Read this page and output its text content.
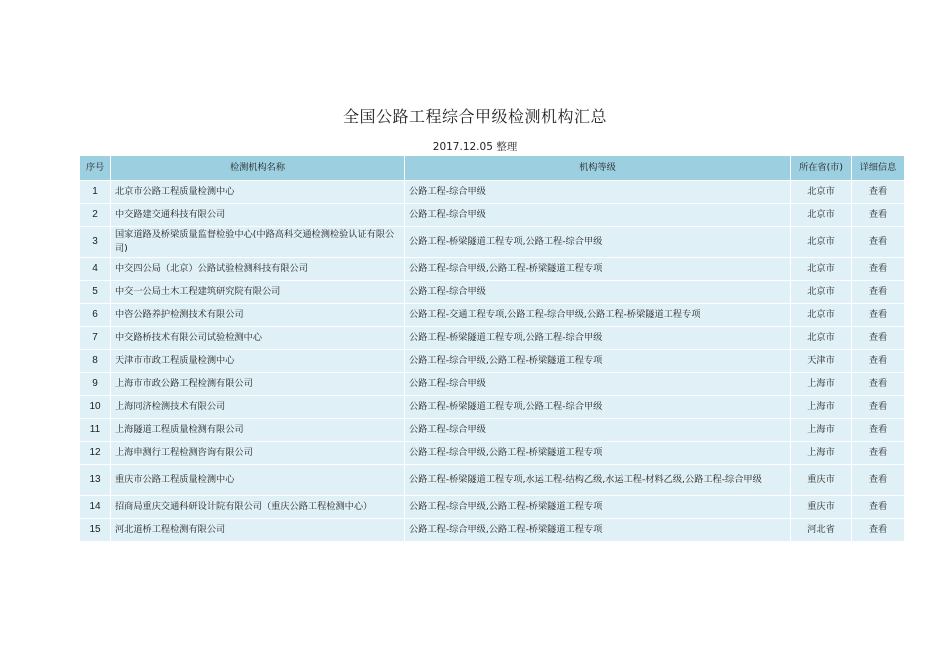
全国公路工程综合甲级检测机构汇总
2017.12.05 整理
序号	检测机构名称	机构等级	所在省(市)	详细信息
1	北京市公路工程质量检测中心	公路工程-综合甲级	北京市	查看
2	中交路建交通科技有限公司	公路工程-综合甲级	北京市	查看
3	国家道路及桥梁质量监督检验中心(中路高科交通检测检验认证有限公司)	公路工程-桥梁隧道工程专项,公路工程-综合甲级	北京市	查看
4	中交四公局（北京）公路试验检测科技有限公司	公路工程-综合甲级,公路工程-桥梁隧道工程专项	北京市	查看
5	中交一公局土木工程建筑研究院有限公司	公路工程-综合甲级	北京市	查看
6	中咨公路养护检测技术有限公司	公路工程-交通工程专项,公路工程-综合甲级,公路工程-桥梁隧道工程专项	北京市	查看
7	中交路桥技术有限公司试验检测中心	公路工程-桥梁隧道工程专项,公路工程-综合甲级	北京市	查看
8	天津市市政工程质量检测中心	公路工程-综合甲级,公路工程-桥梁隧道工程专项	天津市	查看
9	上海市市政公路工程检测有限公司	公路工程-综合甲级	上海市	查看
10	上海同济检测技术有限公司	公路工程-桥梁隧道工程专项,公路工程-综合甲级	上海市	查看
11	上海隧道工程质量检测有限公司	公路工程-综合甲级	上海市	查看
12	上海申测行工程检测咨询有限公司	公路工程-综合甲级,公路工程-桥梁隧道工程专项	上海市	查看
13	重庆市公路工程质量检测中心	公路工程-桥梁隧道工程专项,水运工程-结构乙级,水运工程-材料乙级,公路工程-综合甲级	重庆市	查看
14	招商局重庆交通科研设计院有限公司（重庆公路工程检测中心）	公路工程-综合甲级,公路工程-桥梁隧道工程专项	重庆市	查看
15	河北道桥工程检测有限公司	公路工程-综合甲级,公路工程-桥梁隧道工程专项	河北省	查看
